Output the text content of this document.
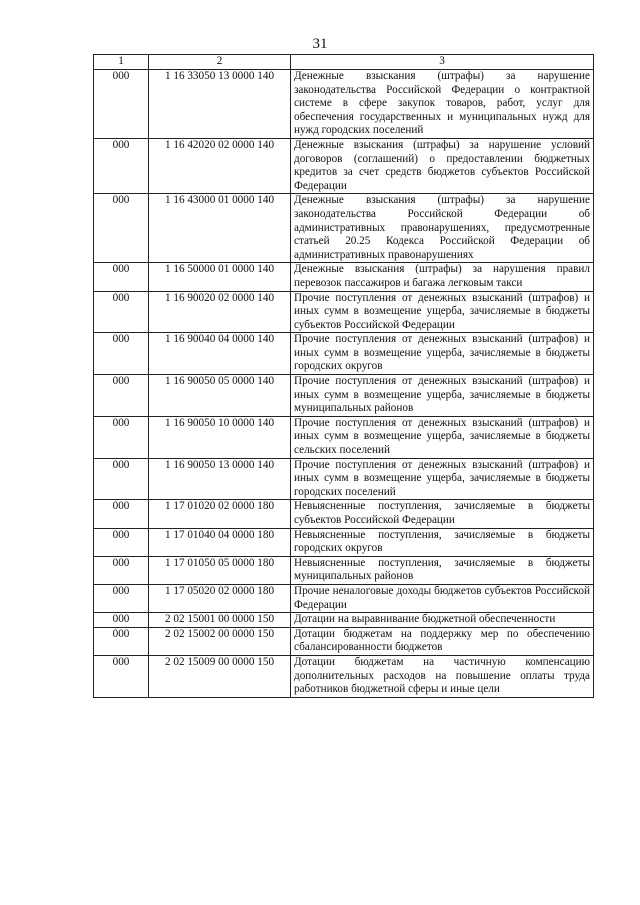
31
1	2	3
000	1 16 33050 13 0000 140	Денежные взыскания (штрафы) за нарушение законодательства Российской Федерации о контрактной системе в сфере закупок товаров, работ, услуг для обеспечения государственных и муниципальных нужд для нужд городских поселений
000	1 16 42020 02 0000 140	Денежные взыскания (штрафы) за нарушение условий договоров (соглашений) о предоставлении бюджетных кредитов за счет средств бюджетов субъектов Российской Федерации
000	1 16 43000 01 0000 140	Денежные взыскания (штрафы) за нарушение законодательства Российской Федерации об административных правонарушениях, предусмотренные статьей 20.25 Кодекса Российской Федерации об административных правонарушениях
000	1 16 50000 01 0000 140	Денежные взыскания (штрафы) за нарушения правил перевозок пассажиров и багажа легковым такси
000	1 16 90020 02 0000 140	Прочие поступления от денежных взысканий (штрафов) и иных сумм в возмещение ущерба, зачисляемые в бюджеты субъектов Российской Федерации
000	1 16 90040 04 0000 140	Прочие поступления от денежных взысканий (штрафов) и иных сумм в возмещение ущерба, зачисляемые в бюджеты городских округов
000	1 16 90050 05 0000 140	Прочие поступления от денежных взысканий (штрафов) и иных сумм в возмещение ущерба, зачисляемые в бюджеты муниципальных районов
000	1 16 90050 10 0000 140	Прочие поступления от денежных взысканий (штрафов) и иных сумм в возмещение ущерба, зачисляемые в бюджеты сельских поселений
000	1 16 90050 13 0000 140	Прочие поступления от денежных взысканий (штрафов) и иных сумм в возмещение ущерба, зачисляемые в бюджеты городских поселений
000	1 17 01020 02 0000 180	Невыясненные поступления, зачисляемые в бюджеты субъектов Российской Федерации
000	1 17 01040 04 0000 180	Невыясненные поступления, зачисляемые в бюджеты городских округов
000	1 17 01050 05 0000 180	Невыясненные поступления, зачисляемые в бюджеты муниципальных районов
000	1 17 05020 02 0000 180	Прочие неналоговые доходы бюджетов субъектов Российской Федерации
000	2 02 15001 00 0000 150	Дотации на выравнивание бюджетной обеспеченности
000	2 02 15002 00 0000 150	Дотации бюджетам на поддержку мер по обеспечению сбалансированности бюджетов
000	2 02 15009 00 0000 150	Дотации бюджетам на частичную компенсацию дополнительных расходов на повышение оплаты труда работников бюджетной сферы и иные цели
